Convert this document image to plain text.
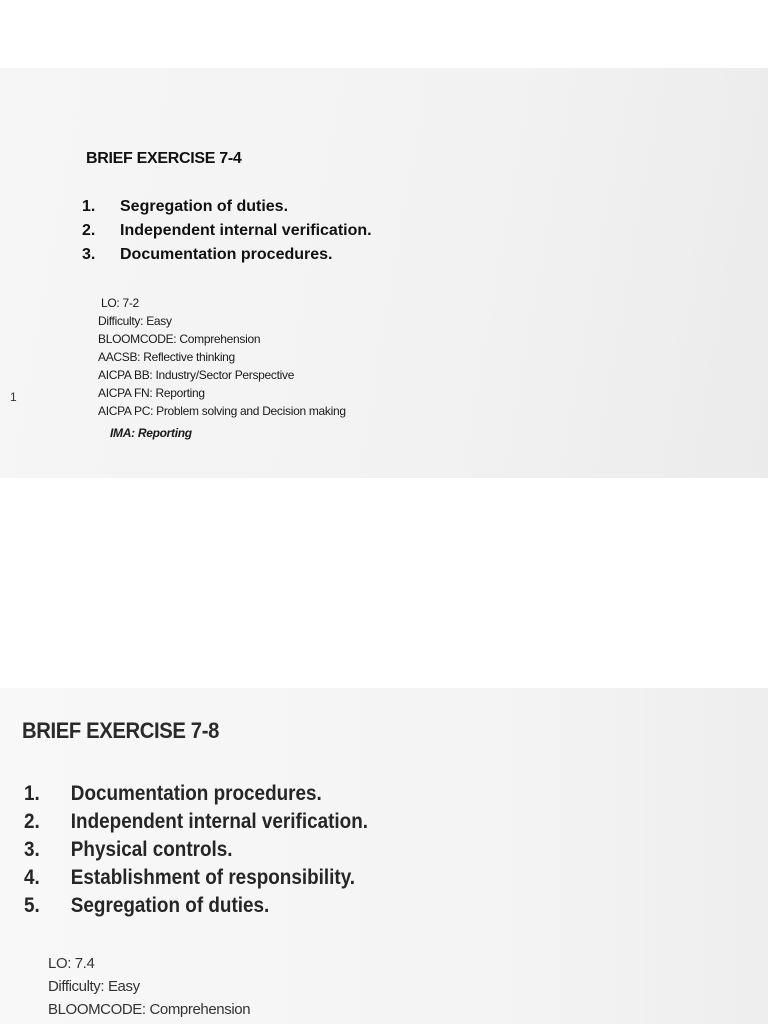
BRIEF EXERCISE 7-4
1. Segregation of duties.
2. Independent internal verification.
3. Documentation procedures.
LO: 7-2
Difficulty: Easy
BLOOMCODE: Comprehension
AACSB: Reflective thinking
AICPA BB: Industry/Sector Perspective
AICPA FN: Reporting
AICPA PC: Problem solving and Decision making
IMA: Reporting
1
BRIEF EXERCISE 7-8
1. Documentation procedures.
2. Independent internal verification.
3. Physical controls.
4. Establishment of responsibility.
5. Segregation of duties.
LO: 7.4
Difficulty: Easy
BLOOMCODE: Comprehension
